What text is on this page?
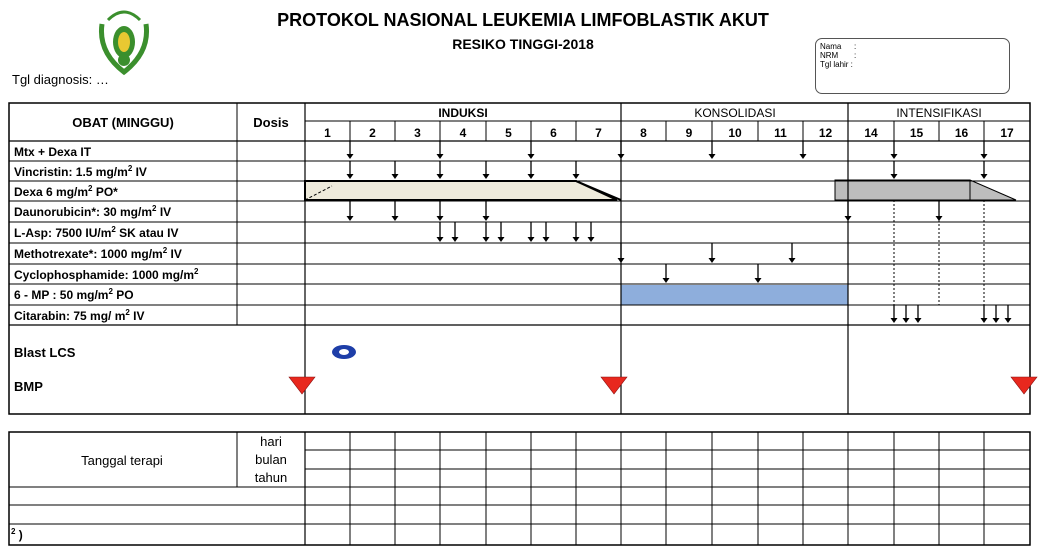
PROTOKOL NASIONAL LEUKEMIA LIMFOBLASTIK AKUT
RESIKO TINGGI-2018
Tgl diagnosis: …
Nama	:
NRM	:
Tgl lahir :
OBAT (MINGGU)	Dosis
INDUKSI	KONSOLIDASI	INTENSIFIKASI
1	2	3	4	5	6	7	8	9	10	11	12	14	15	16	17
Mtx + Dexa IT
Vincristin: 1.5 $mg/m^2$ IV
Dexa 6 $mg/m^2$ PO*
Daunorubicin*: 30 $mg/m^2$ IV
L-Asp: 7500 $IU/m^2$ SK atau IV
Methotrexate*: 1000 $mg/m^2$ IV
Cyclophosphamide: 1000 $mg/m^2$
6 - MP : 50 $mg/m^2$ PO
Citarabin: 75 mg/ $m^2$ IV
Blast LCS
BMP
Tanggal terapi
hari
bulan
tahun
$^2$ )
